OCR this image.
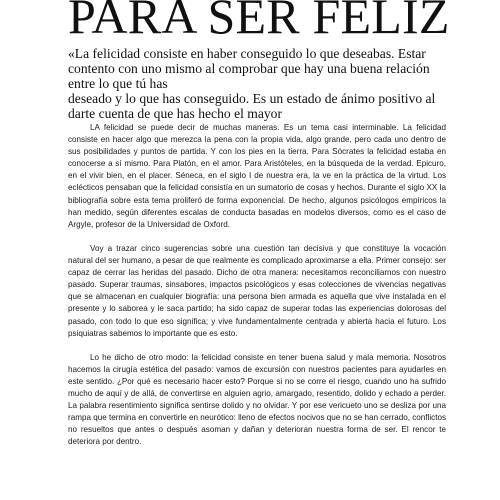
PARA SER FELIZ
«La felicidad consiste en haber conseguido lo que deseabas. Estar
contento con uno mismo al comprobar que hay una buena relación
entre lo que tú has
deseado y lo que has conseguido. Es un estado de ánimo positivo al
darte cuenta de que has hecho el mayor

LA felicidad se puede decir de muchas maneras. Es un tema casi interminable. La felicidad consiste en hacer algo que merezca la pena con la propia vida, algo grande, pero cada uno dentro de sus posibilidades y puntos de partida. Y con los pies en la tierra. Para Sócrates la felicidad estaba en conocerse a sí mismo. Para Platón, en el amor. Para Aristóteles, en la búsqueda de la verdad. Epicuro, en el vivir bien, en el placer. Séneca, en el siglo I de nuestra era, la ve en la práctica de la virtud. Los eclécticos pensaban que la felicidad consistía en un sumatorio de cosas y hechos. Durante el siglo XX la bibliografía sobre esta tema proliferó de forma exponencial. De hecho, algunos psicólogos empíricos la han medido, según diferentes escalas de conducta basadas en modelos diversos, como es el caso de Argyle, profesor de la Universidad de Oxford.

Voy a trazar cinco sugerencias sobre una cuestión tan decisiva y que constituye la vocación natural del ser humano, a pesar de que realmente es complicado aproximarse a ella. Primer consejo: ser capaz de cerrar las heridas del pasado. Dicho de otra manera: necesitamos reconciliarnos con nuestro pasado. Superar traumas, sinsabores, impactos psicológicos y esas colecciones de vivencias negativas que se almacenan en cualquier biografía: una persona bien armada es aquella que vive instalada en el presente y lo saborea y le saca partido; ha sido capaz de superar todas las experiencias dolorosas del pasado, con todo lo que eso significa; y vive fundamentalmente centrada y abierta hacia el futuro. Los psiquiatras sabemos lo importante que es esto.

Lo he dicho de otro modo: la felicidad consiste en tener buena salud y mala memoria. Nosotros hacemos la cirugía estética del pasado: vamos de excursión con nuestros pacientes para ayudarles en este sentido. ¿Por qué es necesario hacer esto? Porque si no se corre el riesgo, cuando uno ha sufrido mucho de aquí y de allá, de convertirse en alguien agrio, amargado, resentido, dolido y echado a perder. La palabra resentimiento significa sentirse dolido y no olvidar. Y por ese vericueto uno se desliza por una rampa que termina en convertirle en neurótico: lleno de efectos nocivos que no se han cerrado, conflictos no resueltos que antes o después asoman y dañan y deterioran nuestra forma de ser. El rencor te deteriora por dentro.
